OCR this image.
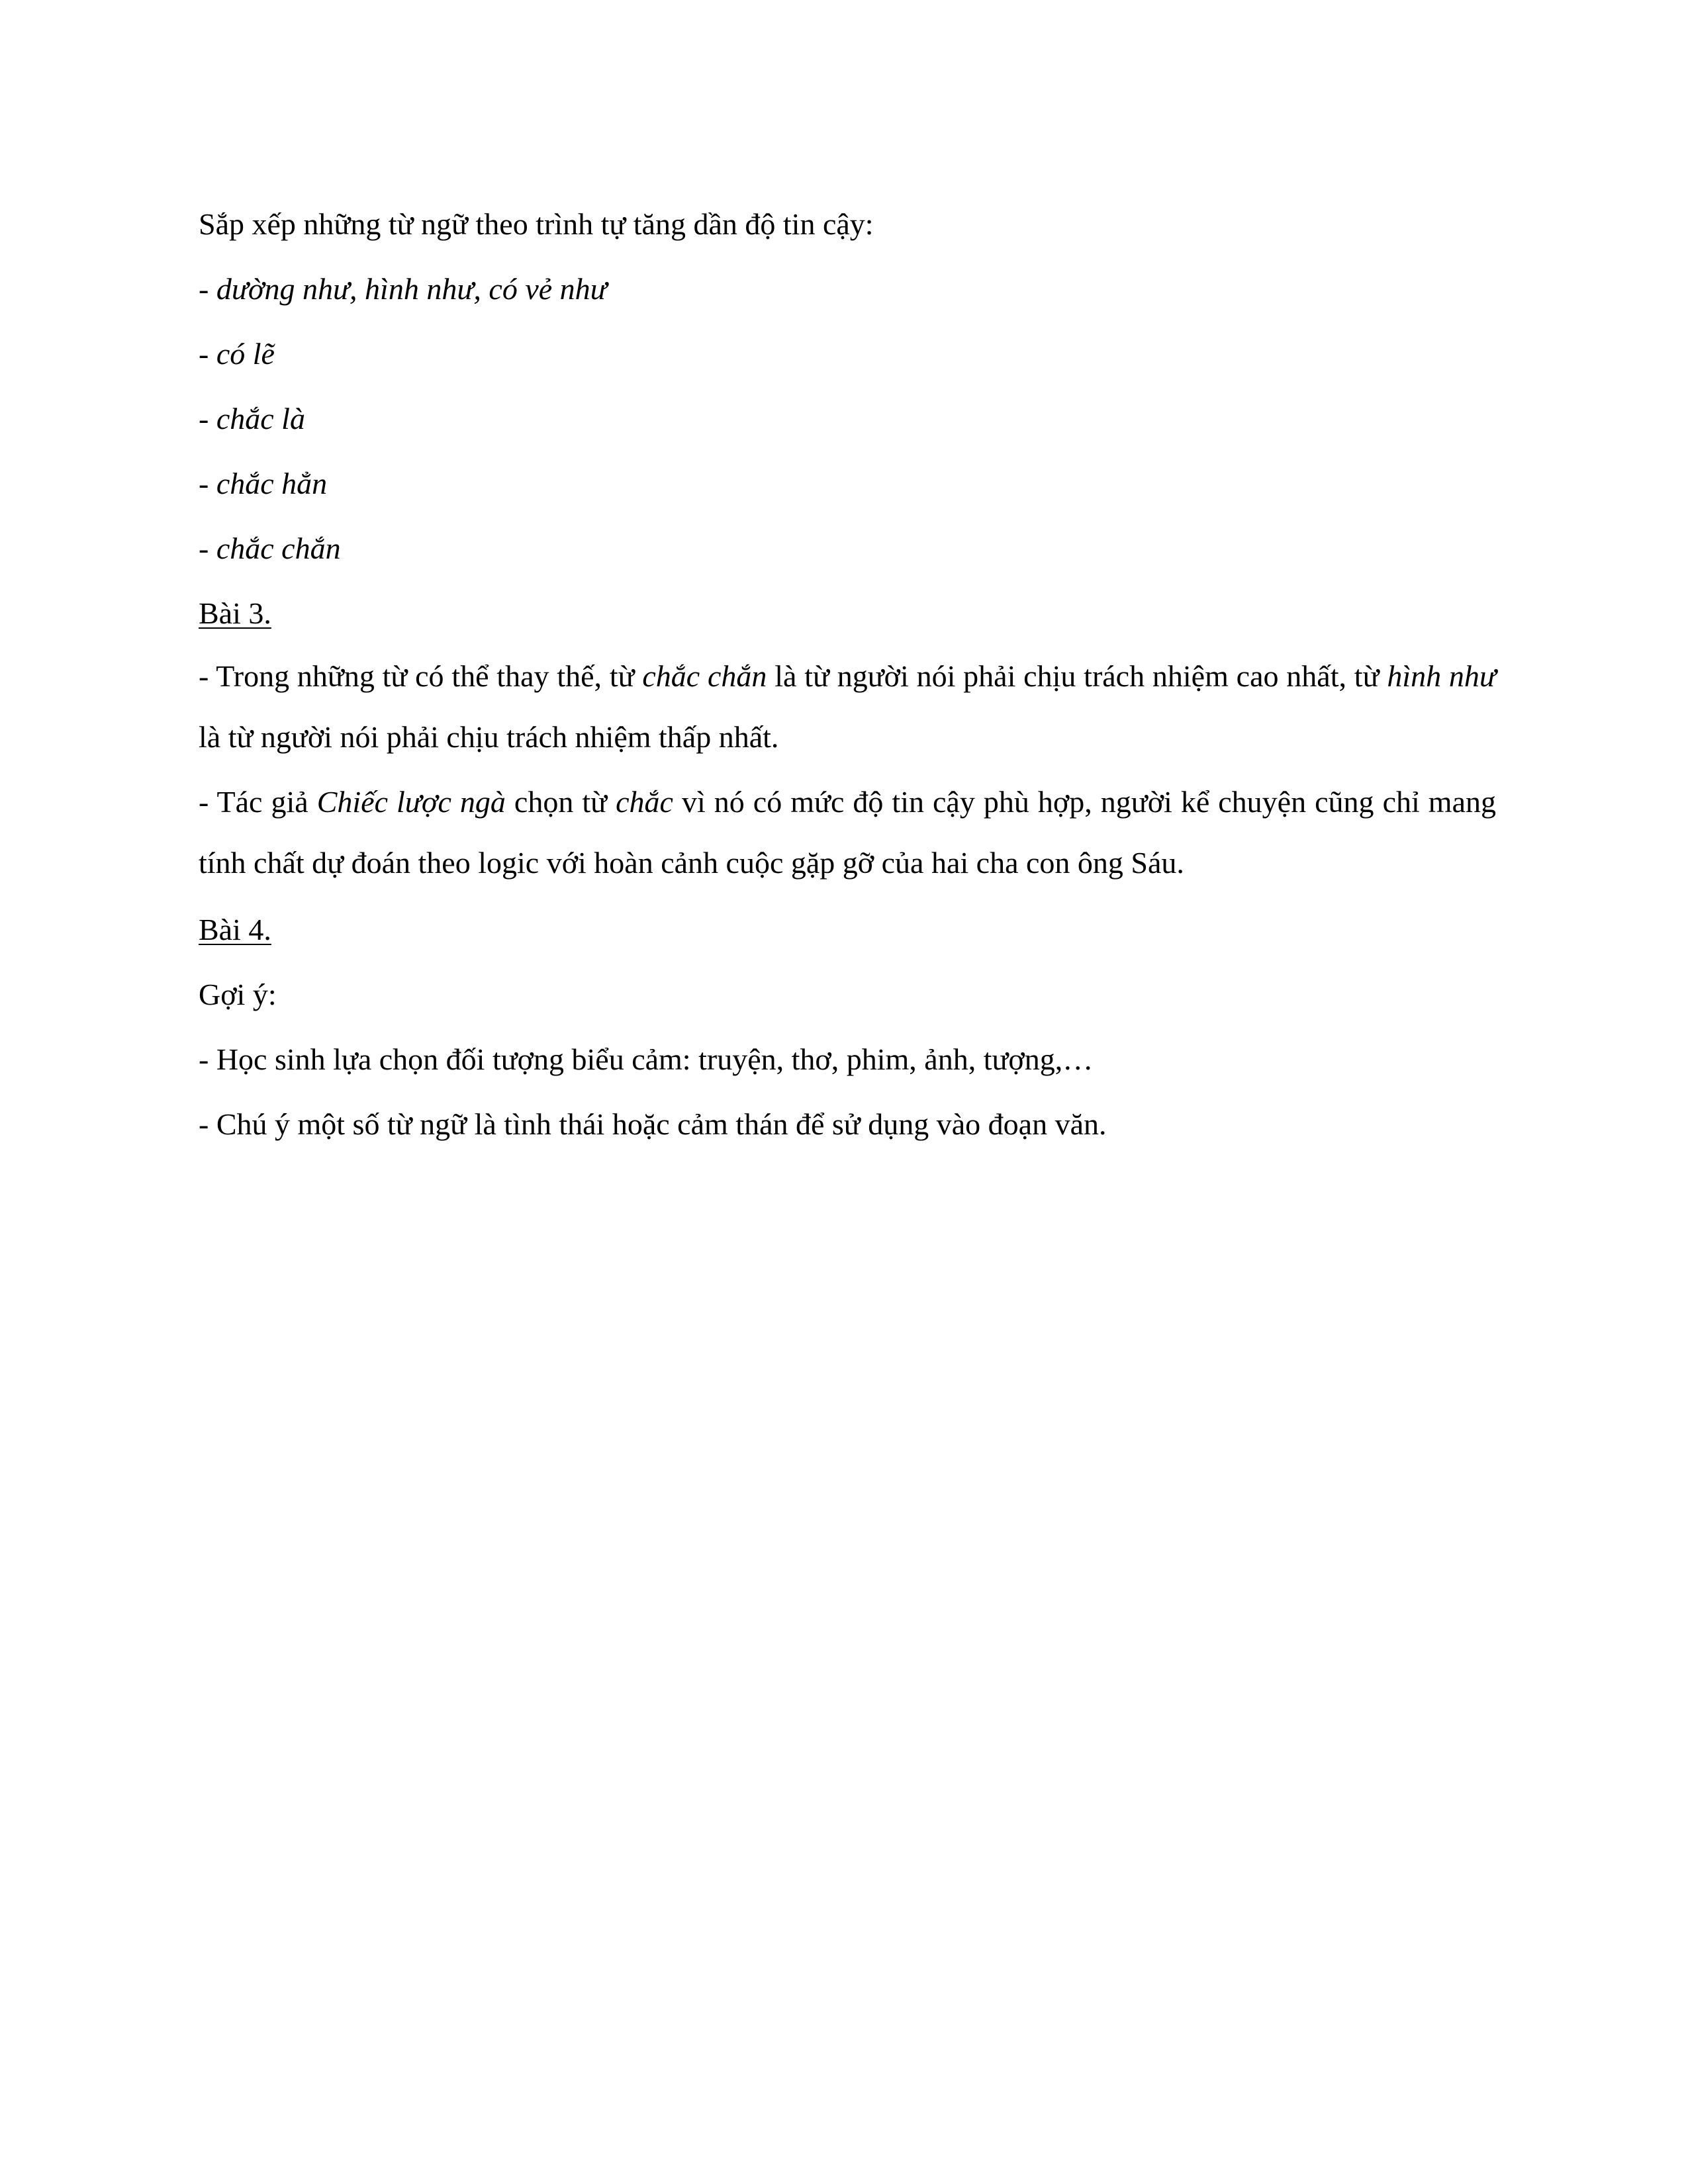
Sắp xếp những từ ngữ theo trình tự tăng dần độ tin cậy:
- dường như, hình như, có vẻ như
- có lẽ
- chắc là
- chắc hẳn
- chắc chắn
Bài 3.
- Trong những từ có thể thay thế, từ chắc chắn là từ người nói phải chịu trách nhiệm cao nhất, từ hình như là từ người nói phải chịu trách nhiệm thấp nhất.
- Tác giả Chiếc lược ngà chọn từ chắc vì nó có mức độ tin cậy phù hợp, người kể chuyện cũng chỉ mang tính chất dự đoán theo logic với hoàn cảnh cuộc gặp gỡ của hai cha con ông Sáu.
Bài 4.
Gợi ý:
- Học sinh lựa chọn đối tượng biểu cảm: truyện, thơ, phim, ảnh, tượng,…
- Chú ý một số từ ngữ là tình thái hoặc cảm thán để sử dụng vào đoạn văn.
